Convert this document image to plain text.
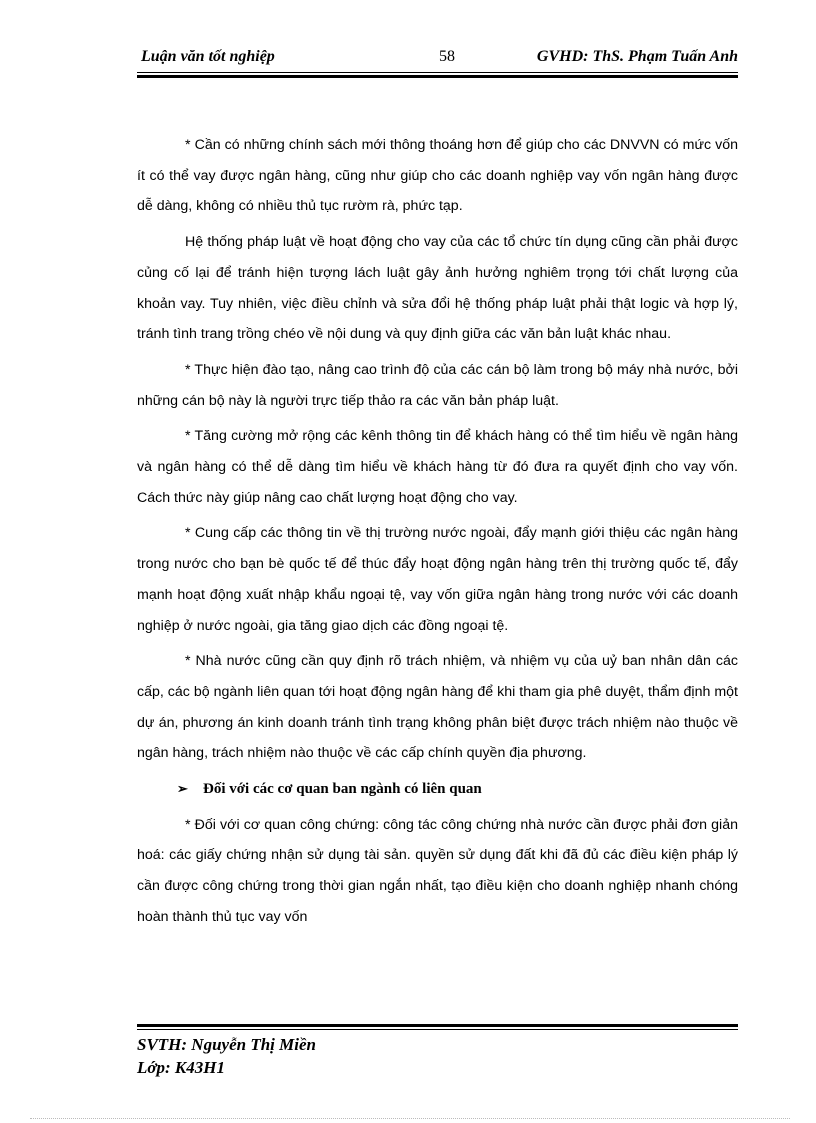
Luận văn tốt nghiệp	58	GVHD: ThS. Phạm Tuấn Anh

* Cần có những chính sách mới thông thoáng hơn để giúp cho các DNVVN có mức vốn ít có thể vay được ngân hàng, cũng như giúp cho các doanh nghiệp vay vốn ngân hàng được dễ dàng, không có nhiều thủ tục rườm rà, phức tạp.

Hệ thống pháp luật về hoạt động cho vay của các tổ chức tín dụng cũng cần phải được củng cố lại để tránh hiện tượng lách luật gây ảnh hưởng nghiêm trọng tới chất lượng của khoản vay. Tuy nhiên, việc điều chỉnh và sửa đổi hệ thống pháp luật phải thật logic và hợp lý, tránh tình trang trồng chéo về nội dung và quy định giữa các văn bản luật khác nhau.

* Thực hiện đào tạo, nâng cao trình độ của các cán bộ làm trong bộ máy nhà nước, bởi những cán bộ này là người trực tiếp thảo ra các văn bản pháp luật.

* Tăng cường mở rộng các kênh thông tin để khách hàng có thể tìm hiểu về ngân hàng và ngân hàng có thể dễ dàng tìm hiểu về khách hàng từ đó đưa ra quyết định cho vay vốn. Cách thức này giúp nâng cao chất lượng hoạt động cho vay.

* Cung cấp các thông tin về thị trường nước ngoài, đẩy mạnh giới thiệu các ngân hàng trong nước cho bạn bè quốc tế để thúc đẩy hoạt động ngân hàng trên thị trường quốc tế, đẩy mạnh hoạt động xuất nhập khẩu ngoại tệ, vay vốn giữa ngân hàng trong nước với các doanh nghiệp ở nước ngoài, gia tăng giao dịch các đồng ngoại tệ.

* Nhà nước cũng cần quy định rõ trách nhiệm, và nhiệm vụ của uỷ ban nhân dân các cấp, các bộ ngành liên quan tới hoạt động ngân hàng để khi tham gia phê duyệt, thẩm định một dự án, phương án kinh doanh tránh tình trạng không phân biệt được trách nhiệm nào thuộc về ngân hàng, trách nhiệm nào thuộc về các cấp chính quyền địa phương.

➢ Đối với các cơ quan ban ngành có liên quan

* Đối với cơ quan công chứng: công tác công chứng nhà nước cần được phải đơn giản hoá: các giấy chứng nhận sử dụng tài sản. quyền sử dụng đất khi đã đủ các điều kiện pháp lý cần được công chứng trong thời gian ngắn nhất, tạo điều kiện cho doanh nghiệp nhanh chóng hoàn thành thủ tục vay vốn

SVTH: Nguyễn Thị Miền
Lớp: K43H1
